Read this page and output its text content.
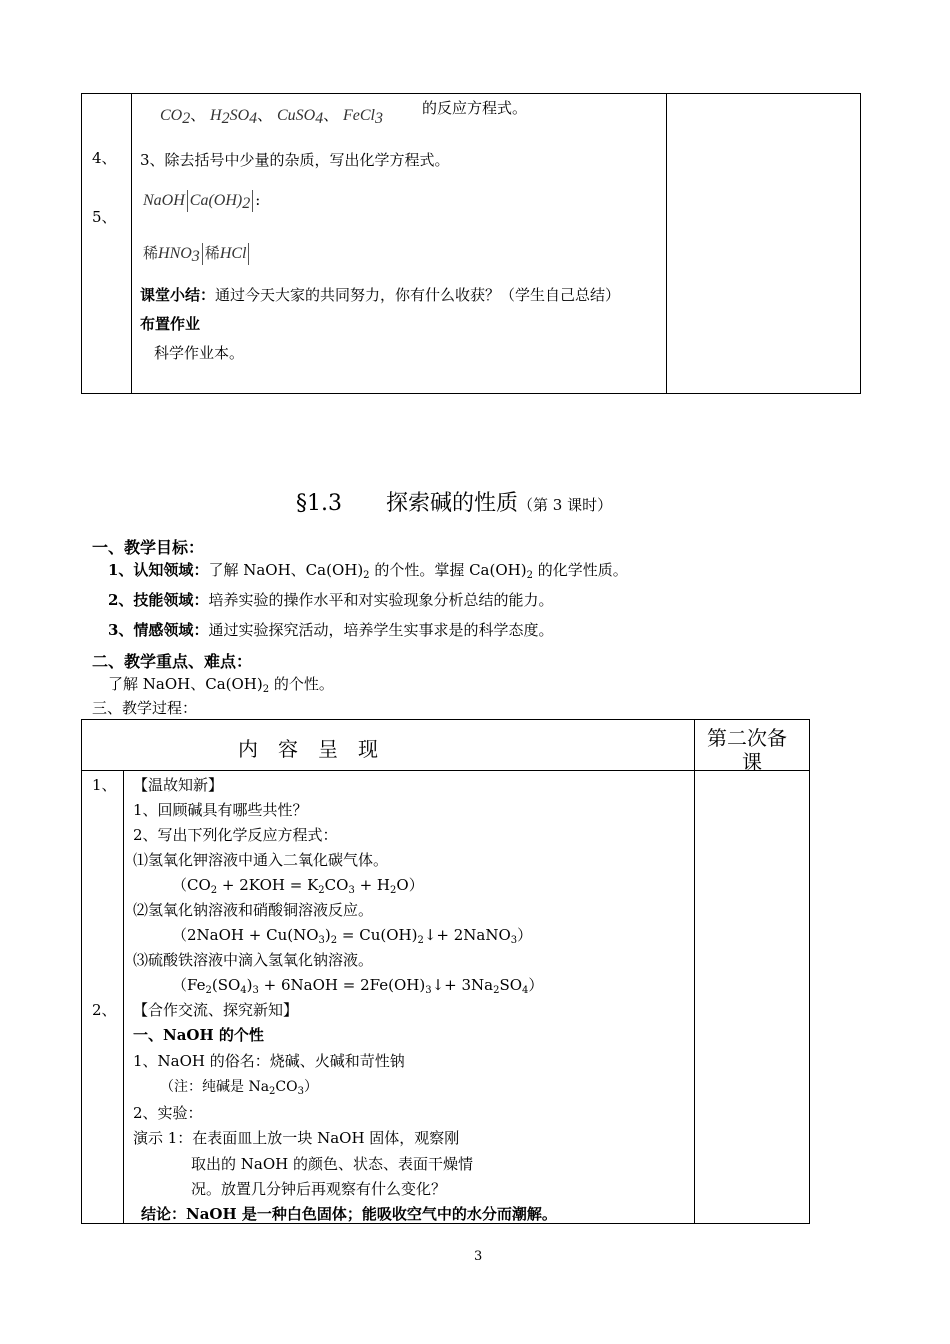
4、
5、
$CO_2$、 $H_2SO_4$、 CuSO$_4$、 FeCl$_3$
的反应方程式。
3、除去括号中少量的杂质，写出化学方程式。
NaOH $Ca(OH)_2$ :
稀$HNO_3$ 稀HCl
课堂小结：通过今天大家的共同努力，你有什么收获？（学生自己总结）
布置作业
科学作业本。
§1.3　　探索碱的性质（第 3 课时）
一、教学目标：
1、认知领域：了解 NaOH、$Ca(OH)_2$ 的个性。掌握 $Ca(OH)_2$ 的化学性质。
2、技能领域：培养实验的操作水平和对实验现象分析总结的能力。
3、情感领域：通过实验探究活动，培养学生实事求是的科学态度。
二、教学重点、难点：
了解 NaOH、$Ca(OH)_2$ 的个性。
三、教学过程：
内　容　呈　现	第二次备
课
1、
2、
【温故知新】
1、回顾碱具有哪些共性？
2、写出下列化学反应方程式：
⑴氢氧化钾溶液中通入二氧化碳气体。
$(CO_2 + 2KOH = K_2CO_3 + H_2O)$
⑵氢氧化钠溶液和硝酸铜溶液反应。
（2NaOH + $Cu(NO_3)_2$ = $Cu(OH)_2↓+$ 2NaNO$_3$）
⑶硫酸铁溶液中滴入氢氧化钠溶液。
（$Fe_2(SO_4)_3$ + 6NaOH = $2Fe(OH)_3↓+ 3Na_2SO_4$）
【合作交流、探究新知】
一、NaOH 的个性
1、NaOH 的俗名：烧碱、火碱和苛性钠
（注：纯碱是 $Na_2CO_3$）
2、实验：
演示 1：在表面皿上放一块 NaOH 固体，观察刚
取出的 NaOH 的颜色、状态、表面干燥情
况。放置几分钟后再观察有什么变化？
结论：NaOH 是一种白色固体；能吸收空气中的水分而潮解。
3
